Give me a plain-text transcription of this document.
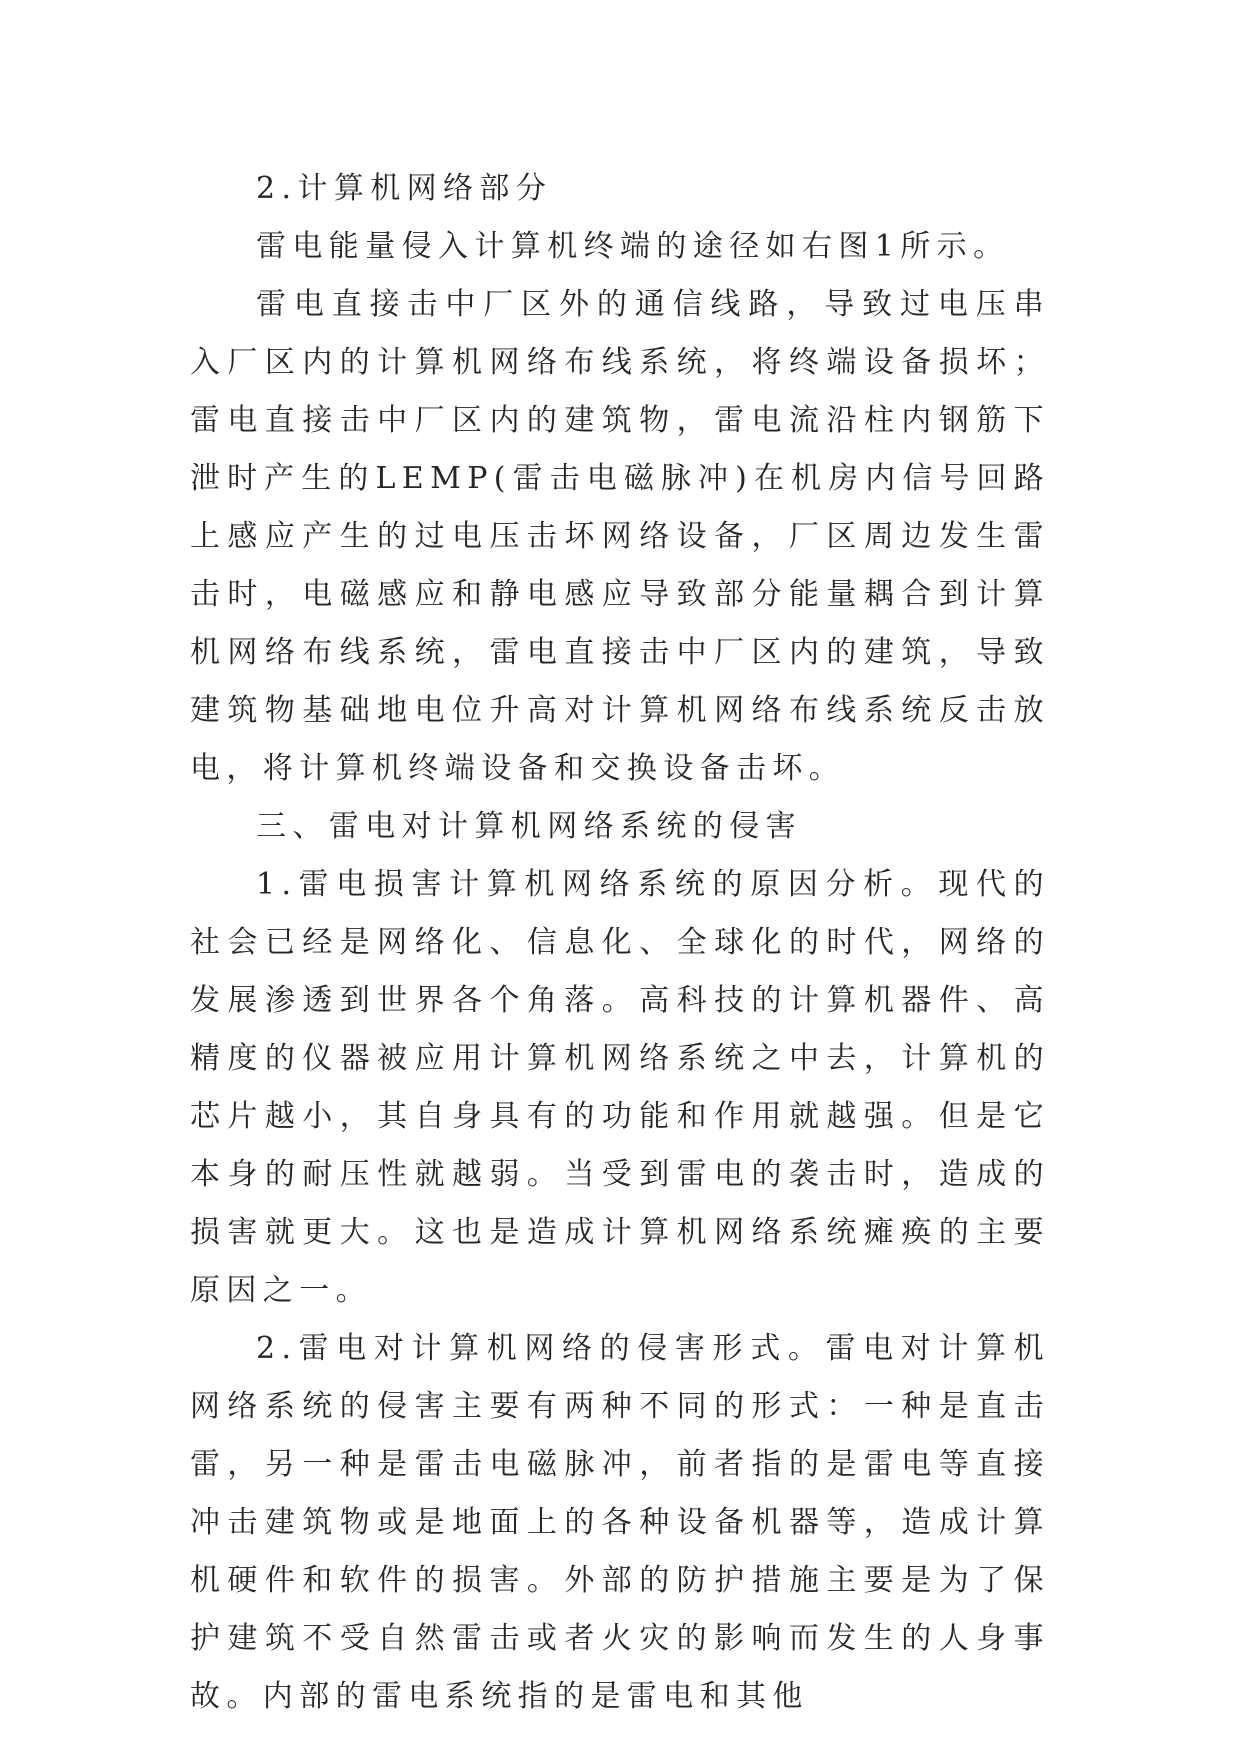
2.计算机网络部分

雷电能量侵入计算机终端的途径如右图1所示。

雷电直接击中厂区外的通信线路，导致过电压串入厂区内的计算机网络布线系统，将终端设备损坏；雷电直接击中厂区内的建筑物，雷电流沿柱内钢筋下泄时产生的LEMP(雷击电磁脉冲)在机房内信号回路上感应产生的过电压击坏网络设备，厂区周边发生雷击时，电磁感应和静电感应导致部分能量耦合到计算机网络布线系统，雷电直接击中厂区内的建筑，导致建筑物基础地电位升高对计算机网络布线系统反击放电，将计算机终端设备和交换设备击坏。

三、雷电对计算机网络系统的侵害

1.雷电损害计算机网络系统的原因分析。现代的社会已经是网络化、信息化、全球化的时代，网络的发展渗透到世界各个角落。高科技的计算机器件、高精度的仪器被应用计算机网络系统之中去，计算机的芯片越小，其自身具有的功能和作用就越强。但是它本身的耐压性就越弱。当受到雷电的袭击时，造成的损害就更大。这也是造成计算机网络系统瘫痪的主要原因之一。

2.雷电对计算机网络的侵害形式。雷电对计算机网络系统的侵害主要有两种不同的形式：一种是直击雷，另一种是雷击电磁脉冲，前者指的是雷电等直接冲击建筑物或是地面上的各种设备机器等，造成计算机硬件和软件的损害。外部的防护措施主要是为了保护建筑不受自然雷击或者火灾的影响而发生的人身事故。内部的雷电系统指的是雷电和其他
